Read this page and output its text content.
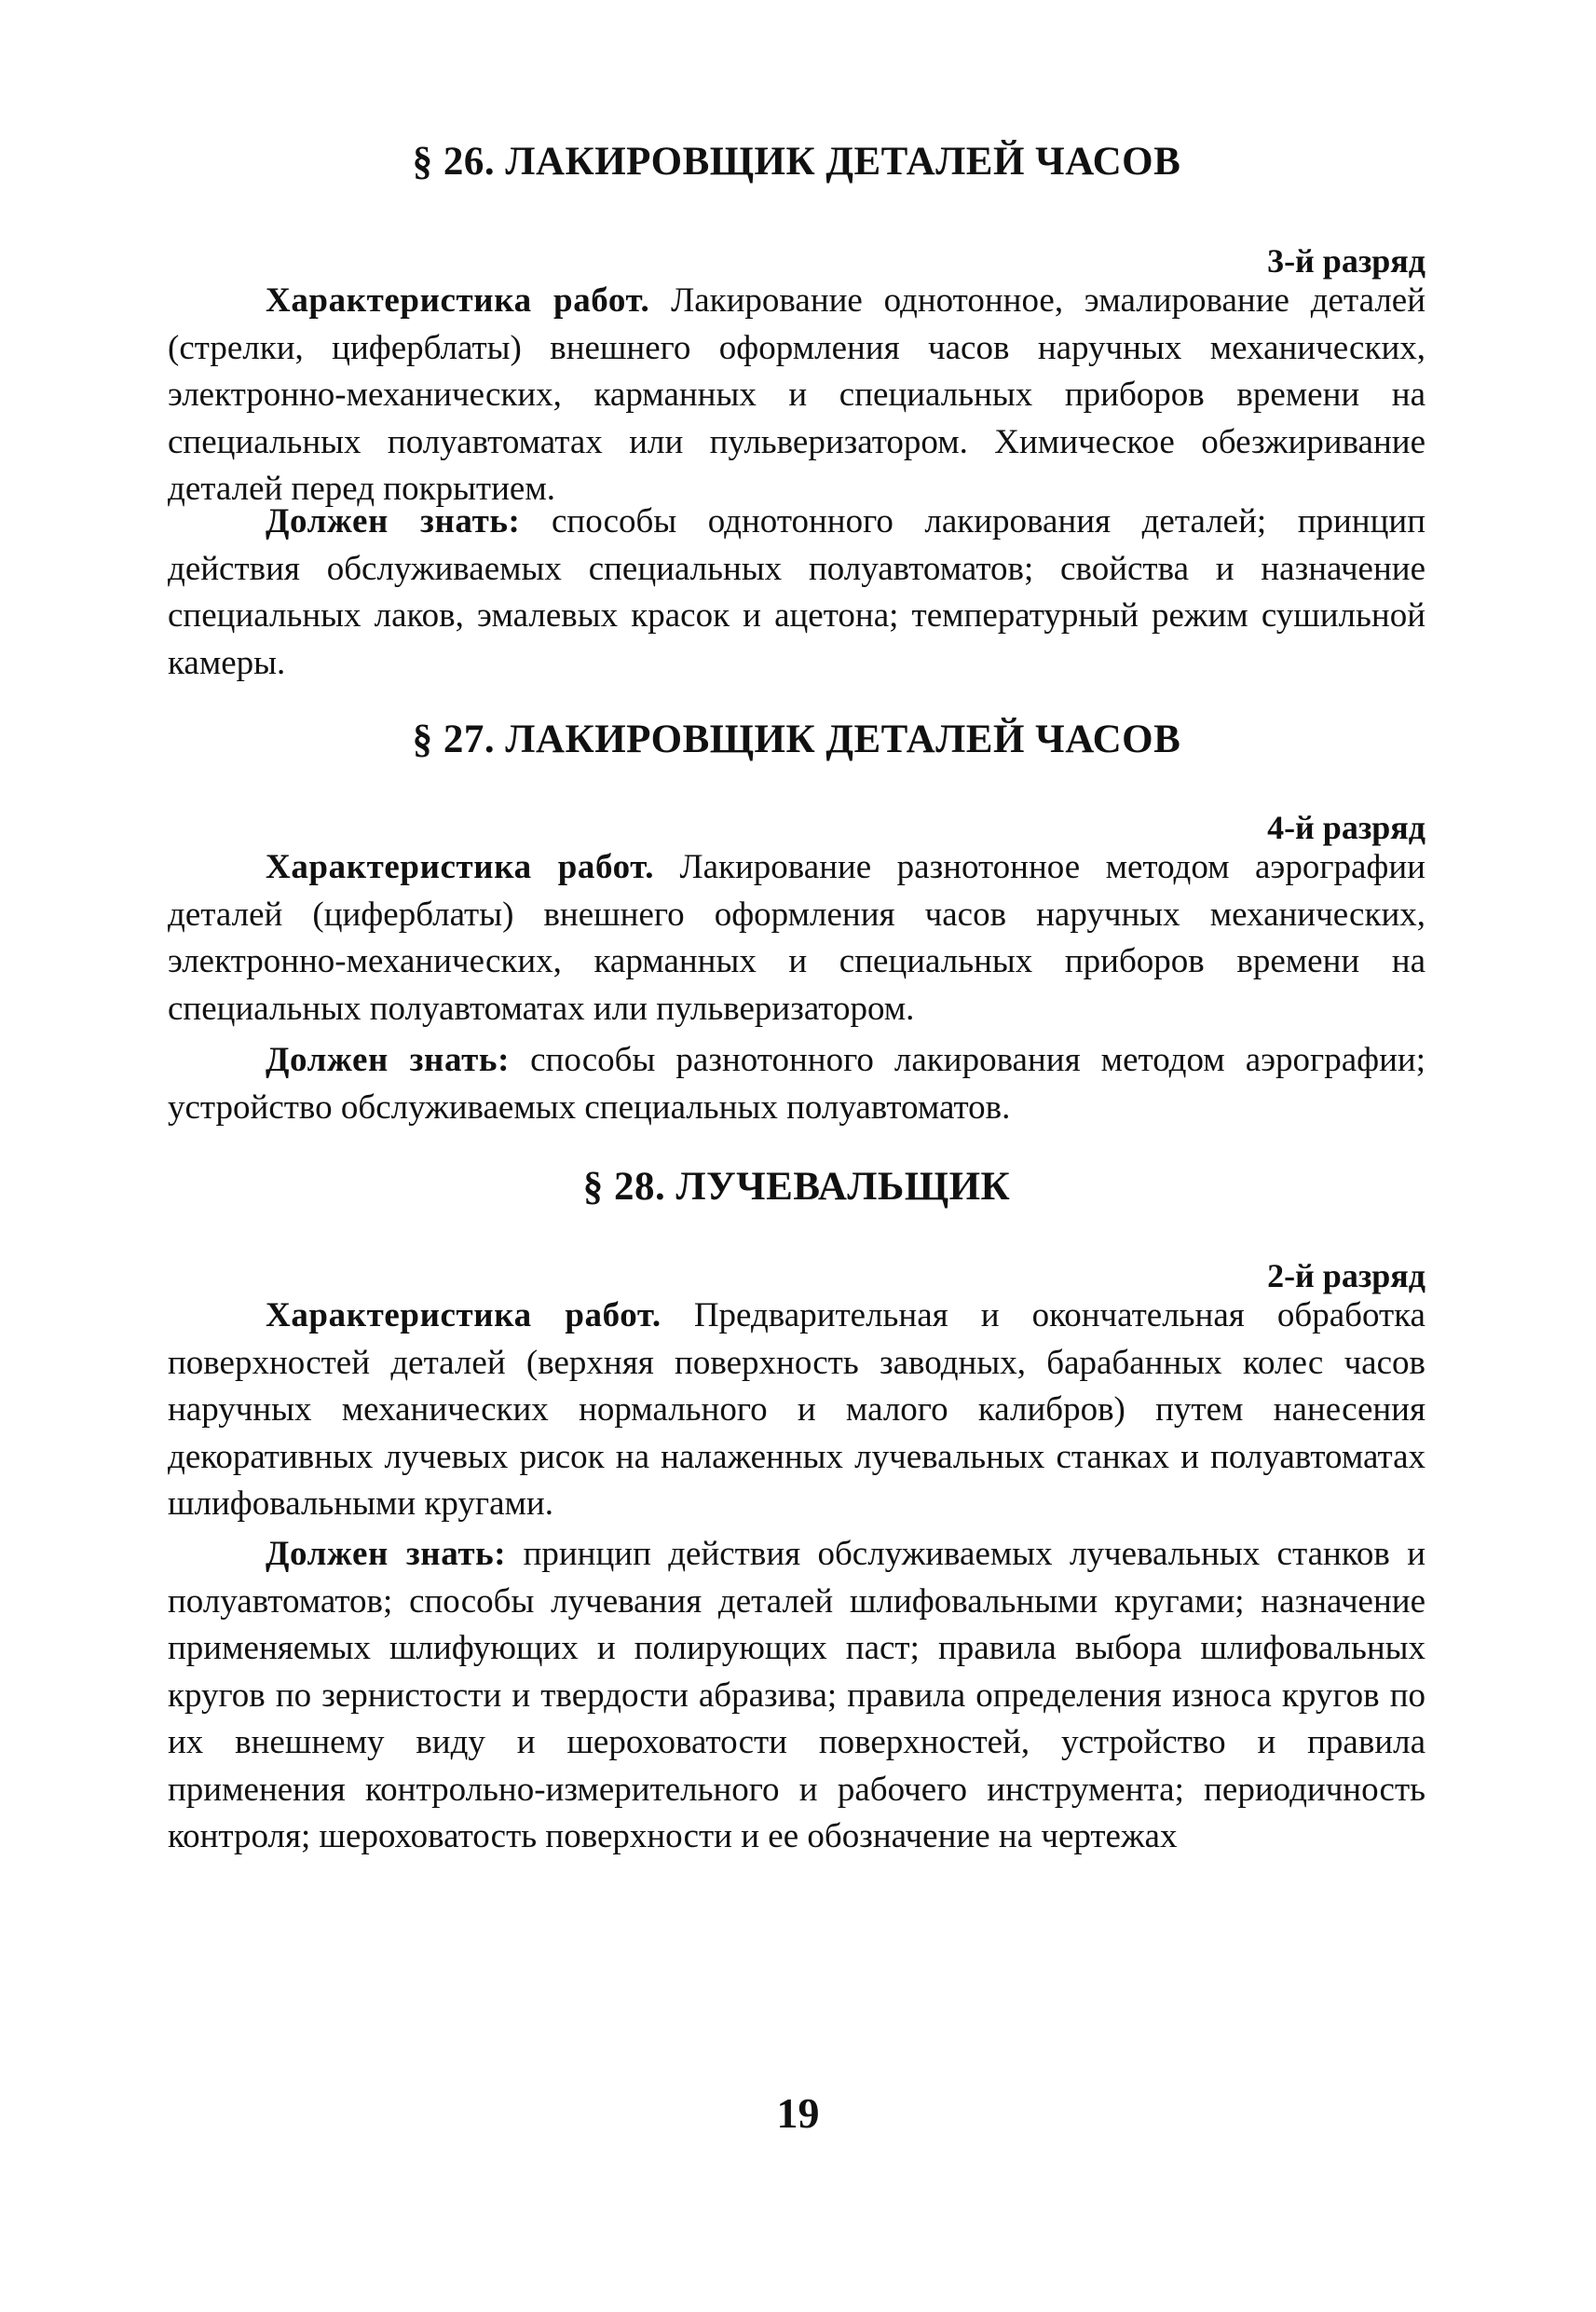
§ 26. ЛАКИРОВЩИК ДЕТАЛЕЙ ЧАСОВ
3-й разряд

Характеристика работ. Лакирование однотонное, эмалирование деталей (стрелки, циферблаты) внешнего оформления часов наручных механических, электронно-механических, карманных и специальных приборов времени на специальных полуавтоматах или пульверизатором. Химическое обезжиривание деталей перед покрытием.

Должен знать: способы однотонного лакирования деталей; принцип действия обслуживаемых специальных полуавтоматов; свойства и назначение специальных лаков, эмалевых красок и ацетона; температурный режим сушильной камеры.

§ 27. ЛАКИРОВЩИК ДЕТАЛЕЙ ЧАСОВ
4-й разряд

Характеристика работ. Лакирование разнотонное методом аэрографии деталей (циферблаты) внешнего оформления часов наручных механических, электронно-механических, карманных и специальных приборов времени на специальных полуавтоматах или пульверизатором.

Должен знать: способы разнотонного лакирования методом аэрографии; устройство обслуживаемых специальных полуавтоматов.

§ 28. ЛУЧЕВАЛЬЩИК
2-й разряд

Характеристика работ. Предварительная и окончательная обработка поверхностей деталей (верхняя поверхность заводных, барабанных колес часов наручных механических нормального и малого калибров) путем нанесения декоративных лучевых рисок на налаженных лучевальных станках и полуавтоматах шлифовальными кругами.

Должен знать: принцип действия обслуживаемых лучевальных станков и полуавтоматов; способы лучевания деталей шлифовальными кругами; назначение применяемых шлифующих и полирующих паст; правила выбора шлифовальных кругов по зернистости и твердости абразива; правила определения износа кругов по их внешнему виду и шероховатости поверхностей, устройство и правила применения контрольно-измерительного и рабочего инструмента; периодичность контроля; шероховатость поверхности и ее обозначение на чертежах

19
